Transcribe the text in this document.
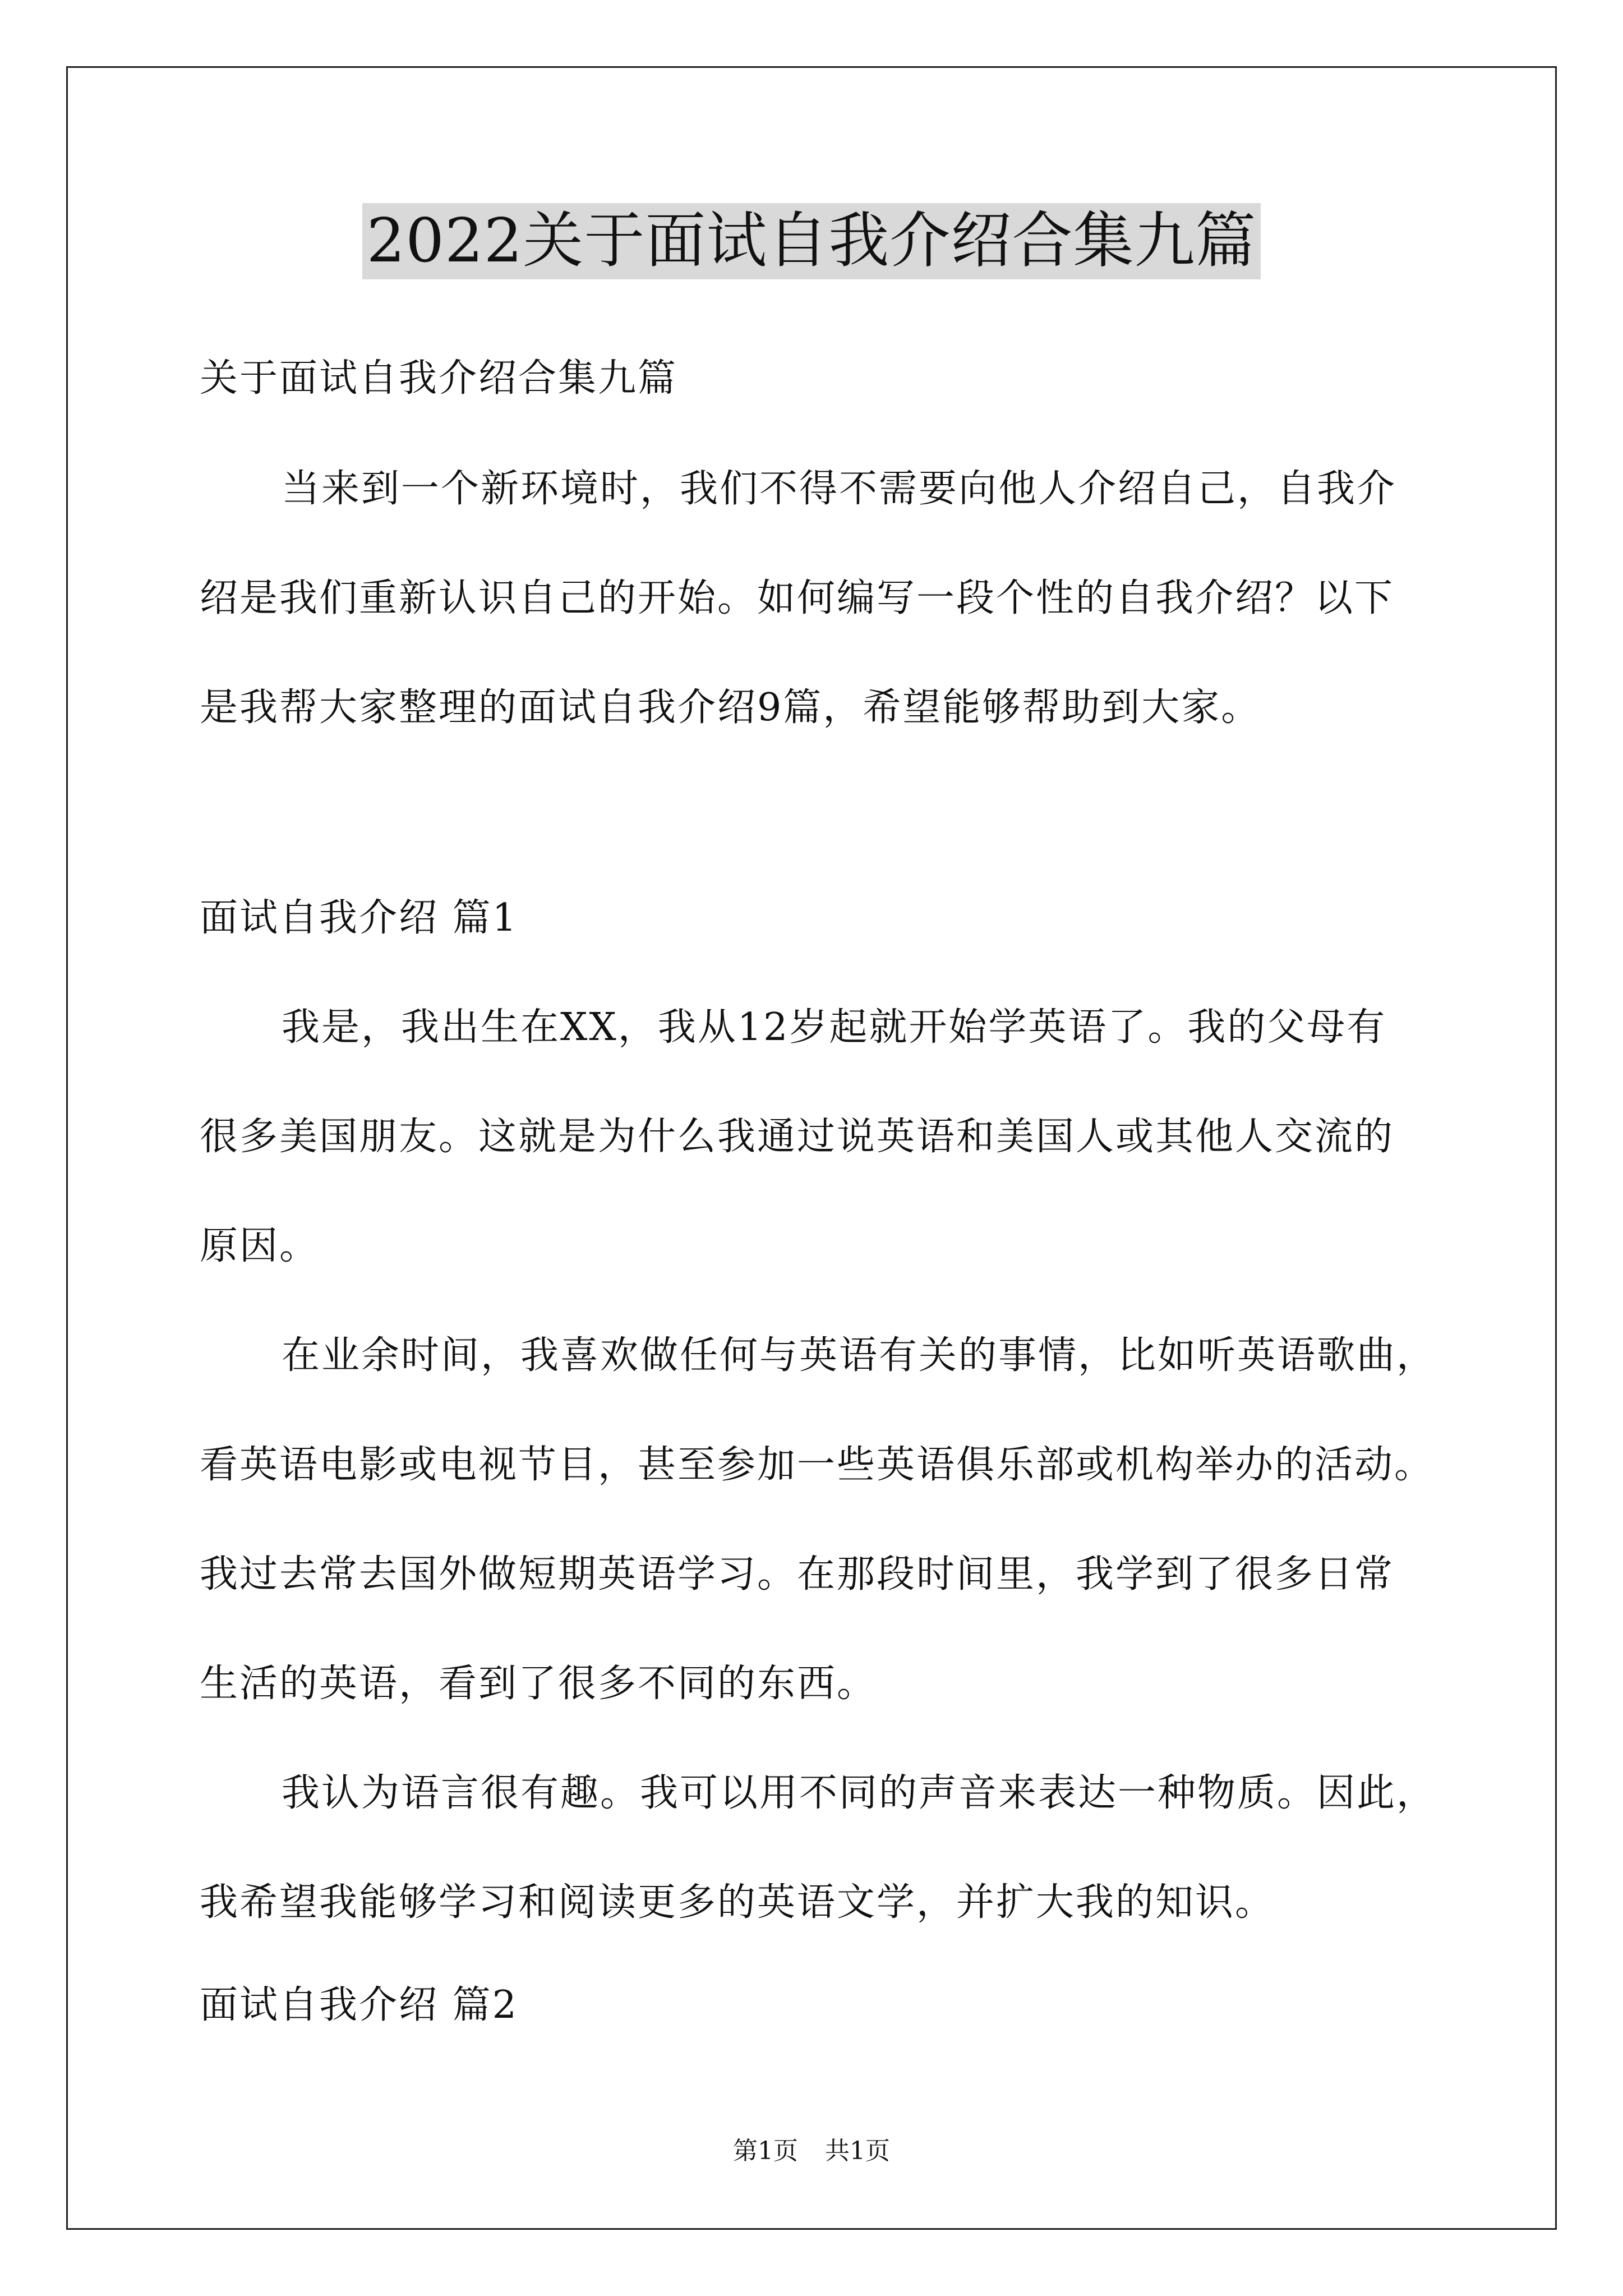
2022关于面试自我介绍合集九篇
关于面试自我介绍合集九篇
当来到一个新环境时，我们不得不需要向他人介绍自己，自我介
绍是我们重新认识自己的开始。如何编写一段个性的自我介绍？以下
是我帮大家整理的面试自我介绍9篇，希望能够帮助到大家。
面试自我介绍 篇1
我是，我出生在XX，我从12岁起就开始学英语了。我的父母有
很多美国朋友。这就是为什么我通过说英语和美国人或其他人交流的
原因。
在业余时间，我喜欢做任何与英语有关的事情，比如听英语歌曲，
看英语电影或电视节目，甚至参加一些英语俱乐部或机构举办的活动。
我过去常去国外做短期英语学习。在那段时间里，我学到了很多日常
生活的英语，看到了很多不同的东西。
我认为语言很有趣。我可以用不同的声音来表达一种物质。因此，
我希望我能够学习和阅读更多的英语文学，并扩大我的知识。
面试自我介绍 篇2
第1页 共1页
